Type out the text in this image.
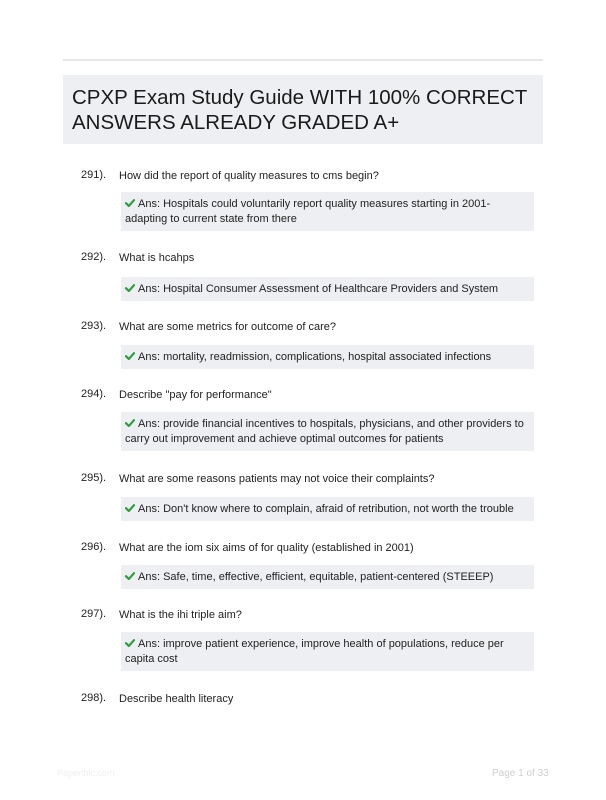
CPXP Exam Study Guide WITH 100% CORRECT ANSWERS ALREADY GRADED A+
291). How did the report of quality measures to cms begin?
Ans: Hospitals could voluntarily report quality measures starting in 2001- adapting to current state from there
292). What is hcahps
Ans: Hospital Consumer Assessment of Healthcare Providers and System
293). What are some metrics for outcome of care?
Ans: mortality, readmission, complications, hospital associated infections
294). Describe "pay for performance"
Ans: provide financial incentives to hospitals, physicians, and other providers to carry out improvement and achieve optimal outcomes for patients
295). What are some reasons patients may not voice their complaints?
Ans: Don't know where to complain, afraid of retribution, not worth the trouble
296). What are the iom six aims of for quality (established in 2001)
Ans: Safe, time, effective, efficient, equitable, patient-centered (STEEEP)
297). What is the ihi triple aim?
Ans: improve patient experience, improve health of populations, reduce per capita cost
298). Describe health literacy
Paperthlc.com	Page 1 of 33
